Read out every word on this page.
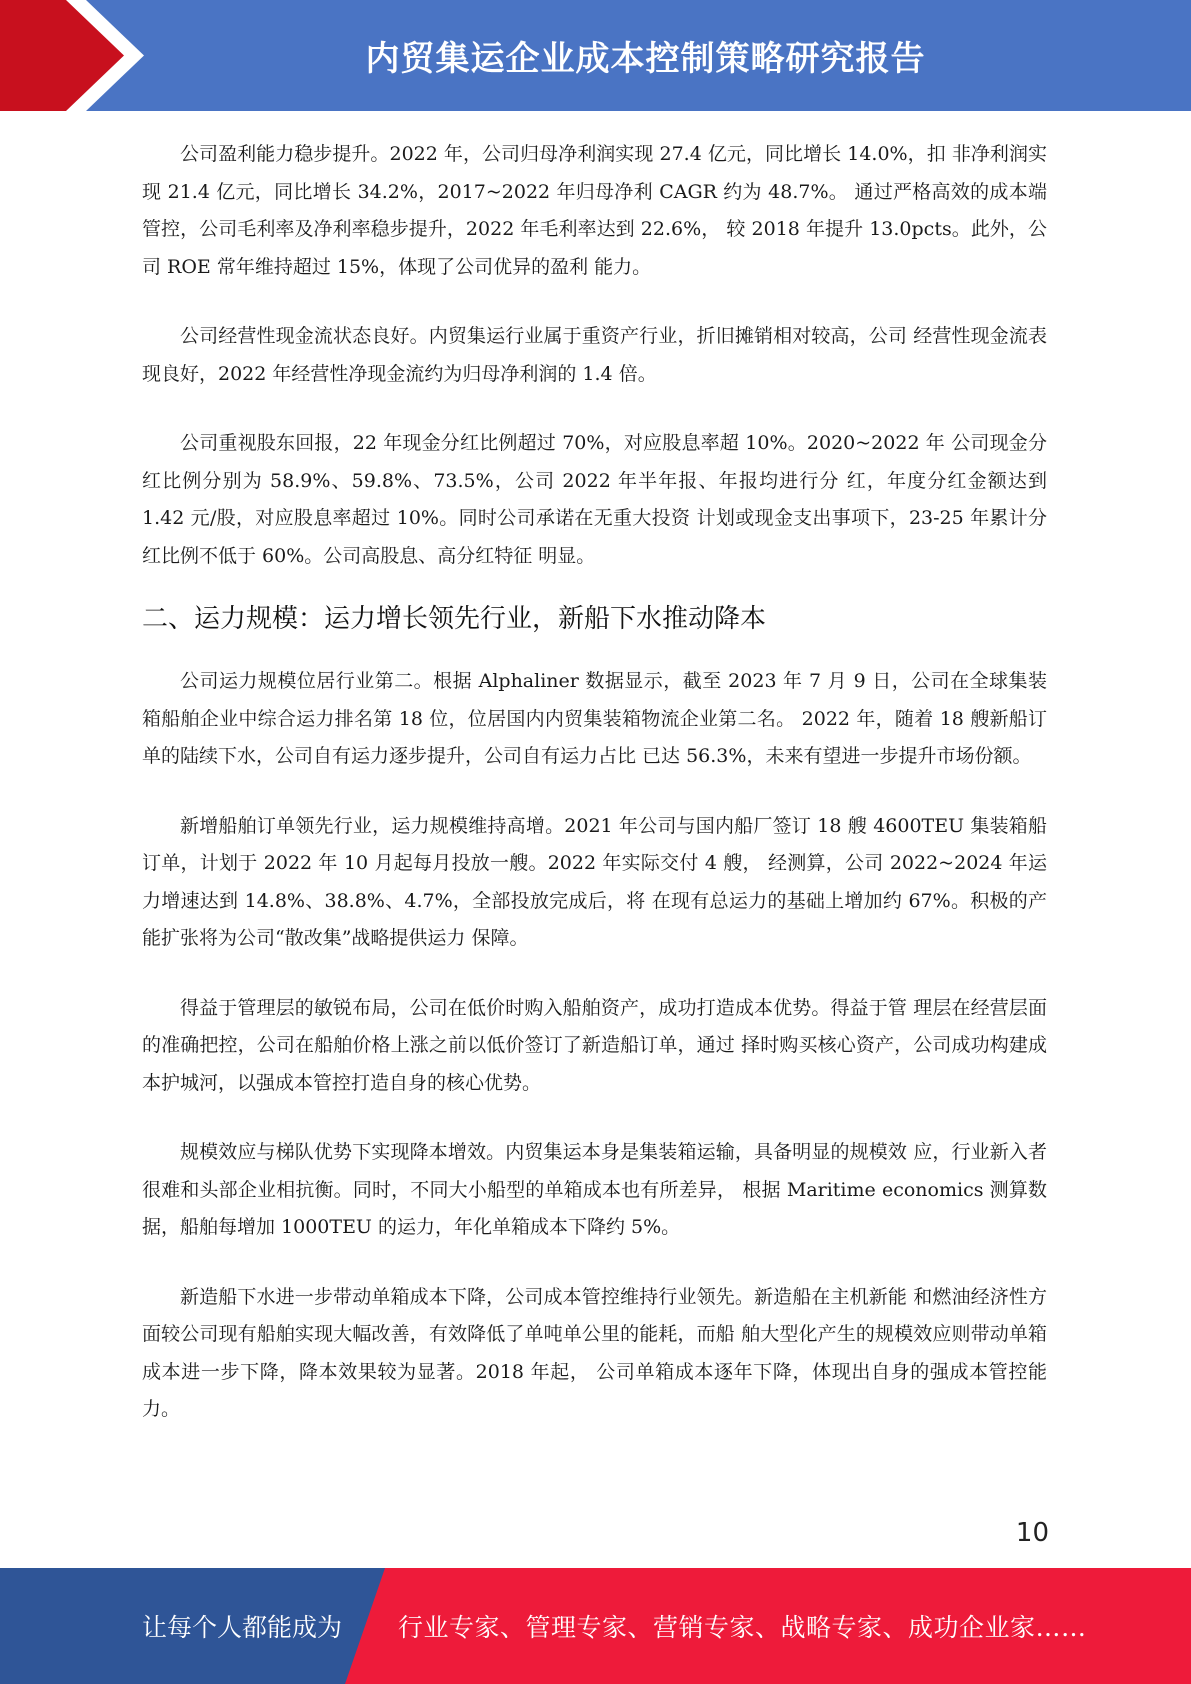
内贸集运企业成本控制策略研究报告

公司盈利能力稳步提升。2022 年，公司归母净利润实现 27.4 亿元，同比增长 14.0%，扣 非净利润实现 21.4 亿元，同比增长 34.2%，2017~2022 年归母净利 CAGR 约为 48.7%。 通过严格高效的成本端管控，公司毛利率及净利率稳步提升，2022 年毛利率达到 22.6%， 较 2018 年提升 13.0pcts。此外，公司 ROE 常年维持超过 15%，体现了公司优异的盈利 能力。

公司经营性现金流状态良好。内贸集运行业属于重资产行业，折旧摊销相对较高，公司 经营性现金流表现良好，2022 年经营性净现金流约为归母净利润的 1.4 倍。

公司重视股东回报，22 年现金分红比例超过 70%，对应股息率超 10%。2020~2022 年 公司现金分红比例分别为 58.9%、59.8%、73.5%，公司 2022 年半年报、年报均进行分 红，年度分红金额达到 1.42 元/股，对应股息率超过 10%。同时公司承诺在无重大投资 计划或现金支出事项下，23-25 年累计分红比例不低于 60%。公司高股息、高分红特征 明显。

二、运力规模：运力增长领先行业，新船下水推动降本

公司运力规模位居行业第二。根据 Alphaliner 数据显示，截至 2023 年 7 月 9 日，公司在全球集装箱船舶企业中综合运力排名第 18 位，位居国内内贸集装箱物流企业第二名。 2022 年，随着 18 艘新船订单的陆续下水，公司自有运力逐步提升，公司自有运力占比 已达 56.3%，未来有望进一步提升市场份额。

新增船舶订单领先行业，运力规模维持高增。2021 年公司与国内船厂签订 18 艘 4600TEU 集装箱船订单，计划于 2022 年 10 月起每月投放一艘。2022 年实际交付 4 艘， 经测算，公司 2022~2024 年运力增速达到 14.8%、38.8%、4.7%，全部投放完成后，将 在现有总运力的基础上增加约 67%。积极的产能扩张将为公司“散改集”战略提供运力 保障。

得益于管理层的敏锐布局，公司在低价时购入船舶资产，成功打造成本优势。得益于管 理层在经营层面的准确把控，公司在船舶价格上涨之前以低价签订了新造船订单，通过 择时购买核心资产，公司成功构建成本护城河，以强成本管控打造自身的核心优势。

规模效应与梯队优势下实现降本增效。内贸集运本身是集装箱运输，具备明显的规模效 应，行业新入者很难和头部企业相抗衡。同时，不同大小船型的单箱成本也有所差异， 根据 Maritime economics 测算数据，船舶每增加 1000TEU 的运力，年化单箱成本下降约 5%。

新造船下水进一步带动单箱成本下降，公司成本管控维持行业领先。新造船在主机新能 和燃油经济性方面较公司现有船舶实现大幅改善，有效降低了单吨单公里的能耗，而船 舶大型化产生的规模效应则带动单箱成本进一步下降，降本效果较为显著。2018 年起， 公司单箱成本逐年下降，体现出自身的强成本管控能力。

10
让每个人都能成为 行业专家、管理专家、营销专家、战略专家、成功企业家……
